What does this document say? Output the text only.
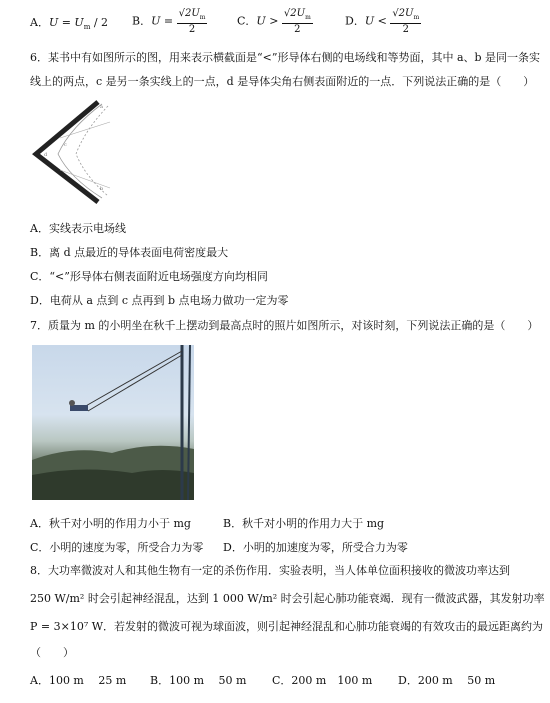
A．$U = U_m / 2$ B．$U = \frac{√2U_m}{2}$	C．$U > \frac{√2U_m}{2}$	D．$U < \frac{√2U_m}{2}$
6．某书中有如图所示的图，用来表示横截面是“<”形导体右侧的电场线和等势面，其中 a、b 是同一条实
线上的两点，c 是另一条实线上的一点，d 是导体尖角右侧表面附近的一点．下列说法正确的是（　　）
a
b
c
d
A．实线表示电场线
B．离 d 点最近的导体表面电荷密度最大
C．“<”形导体右侧表面附近电场强度方向均相同
D．电荷从 a 点到 c 点再到 b 点电场力做功一定为零
7．质量为 m 的小明坐在秋千上摆动到最高点时的照片如图所示，对该时刻，下列说法正确的是（　　）
A．秋千对小明的作用力小于 mg	B．秋千对小明的作用力大于 mg
C．小明的速度为零，所受合力为零 D．小明的加速度为零，所受合力为零
8．大功率微波对人和其他生物有一定的杀伤作用．实验表明，当人体单位面积接收的微波功率达到
250 W/m² 时会引起神经混乱，达到 1 000 W/m² 时会引起心肺功能衰竭．现有一微波武器，其发射功率
P = 3×10⁷ W．若发射的微波可视为球面波，则引起神经混乱和心肺功能衰竭的有效攻击的最远距离约为
（　　）
A．100 m　 25 m B．100 m　 50 m C．200 m　100 m D．200 m　 50 m
